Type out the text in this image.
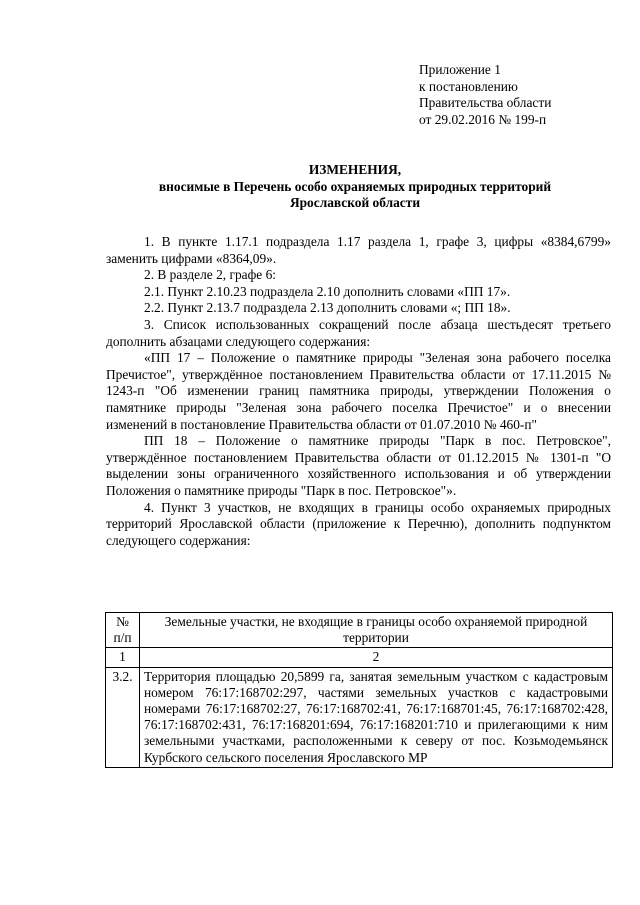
Приложение 1
к постановлению
Правительства области
от 29.02.2016 № 199-п
ИЗМЕНЕНИЯ,
вносимые в Перечень особо охраняемых природных территорий
Ярославской области

1. В пункте 1.17.1 подраздела 1.17 раздела 1, графе 3, цифры «8384,6799» заменить цифрами «8364,09».

2. В разделе 2, графе 6:

2.1. Пункт 2.10.23 подраздела 2.10 дополнить словами «ПП 17».

2.2. Пункт 2.13.7 подраздела 2.13 дополнить словами «; ПП 18».

3. Список использованных сокращений после абзаца шестьдесят третьего дополнить абзацами следующего содержания:

«ПП 17 – Положение о памятнике природы "Зеленая зона рабочего поселка Пречистое", утверждённое постановлением Правительства области от 17.11.2015 № 1243-п "Об изменении границ памятника природы, утверждении Положения о памятнике природы "Зеленая зона рабочего поселка Пречистое" и о внесении изменений в постановление Правительства области от 01.07.2010 № 460-п"

ПП 18 – Положение о памятнике природы "Парк в пос. Петровское", утверждённое постановлением Правительства области от 01.12.2015 № 1301-п "О выделении зоны ограниченного хозяйственного использования и об утверждении Положения о памятнике природы "Парк в пос. Петровское"».

4. Пункт 3 участков, не входящих в границы особо охраняемых природных территорий Ярославской области (приложение к Перечню), дополнить подпунктом следующего содержания:

№ п/п	Земельные участки, не входящие в границы особо охраняемой природной территории
1	2
3.2.	Территория площадью 20,5899 га, занятая земельным участком с кадастровым номером 76:17:168702:297, частями земельных участков с кадастровыми номерами 76:17:168702:27, 76:17:168702:41, 76:17:168701:45, 76:17:168702:428, 76:17:168702:431, 76:17:168201:694, 76:17:168201:710 и прилегающими к ним земельными участками, расположенными к северу от пос. Козьмодемьянск Курбского сельского поселения Ярославского МР
